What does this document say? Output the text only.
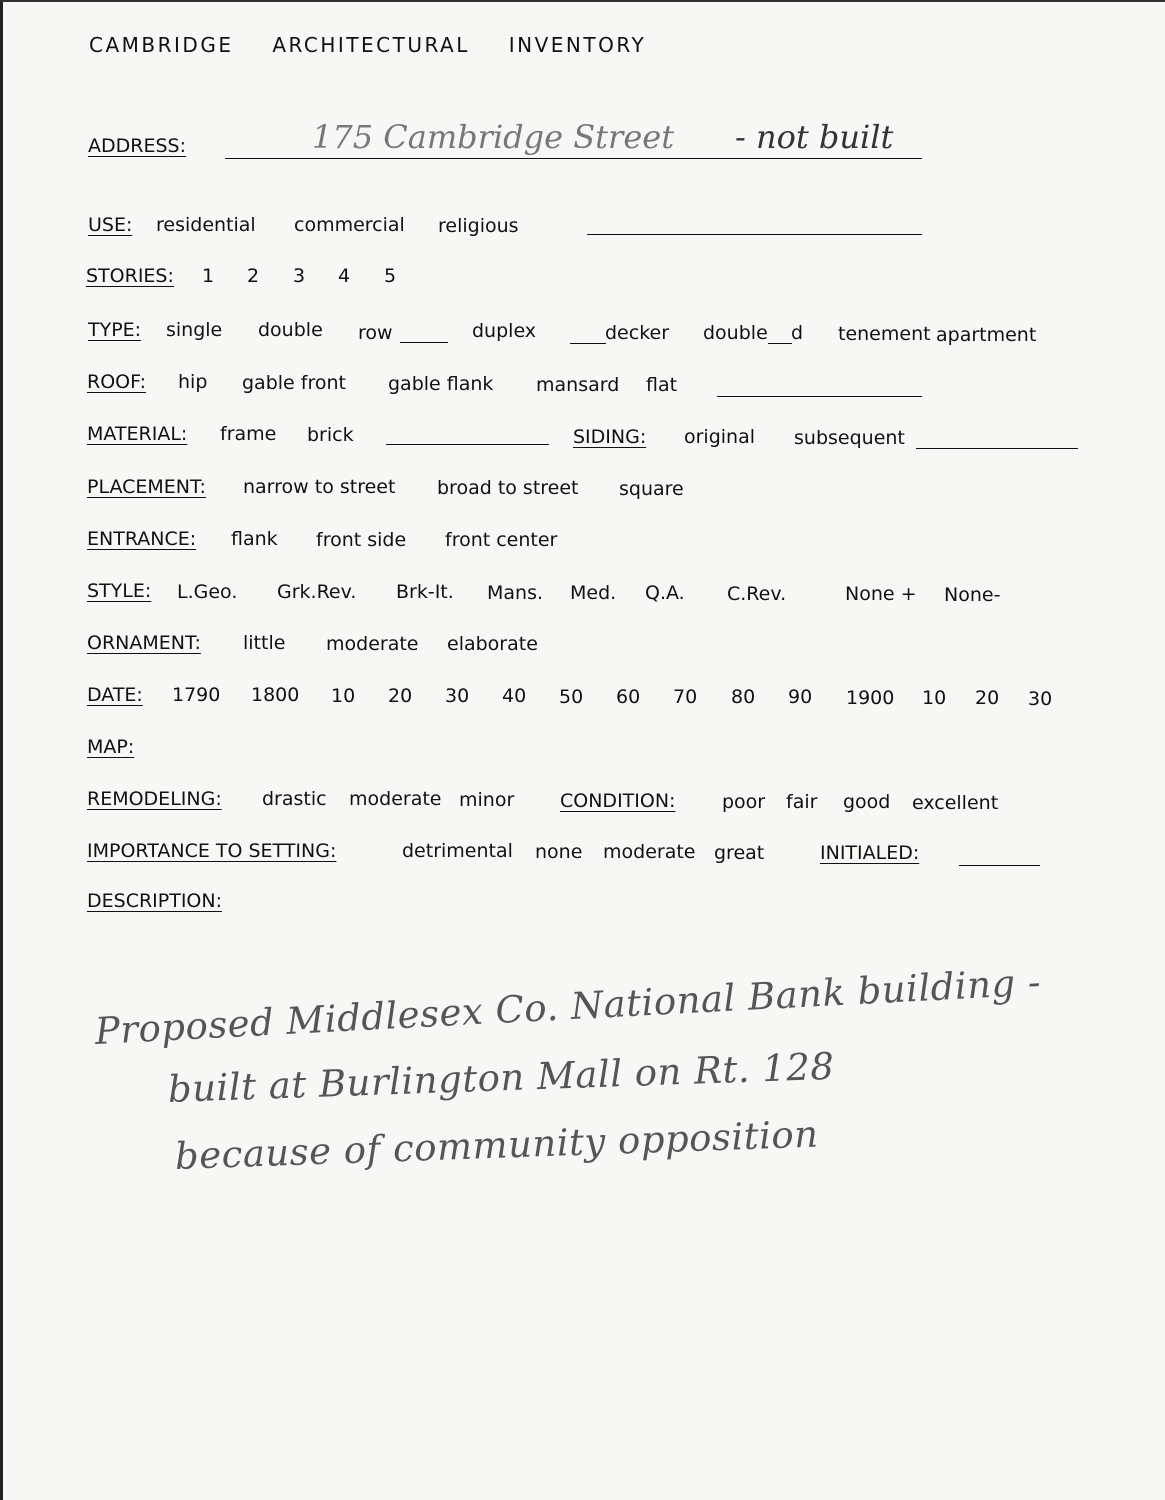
CAMBRIDGE ARCHITECTURAL INVENTORY
ADDRESS:	175 Cambridge Street - not built
USE: residential commercial religious
STORIES: 1 2 3 4 5
TYPE: single double row	duplex	decker double d tenement apartment
ROOF: hip gable front gable flank mansard flat
MATERIAL: frame brick	SIDING: original subsequent
PLACEMENT: narrow to street broad to street square
ENTRANCE: flank front side front center
STYLE: L.Geo. Grk.Rev. Brk-It. Mans. Med. Q.A. C.Rev.	None + None-
ORNAMENT: little moderate elaborate
DATE: 1790 1800 10 20 30 40 50 60 70 80 90 1900 10 20 30
MAP:
REMODELING: drastic moderate minor CONDITION: poor fair good excellent
IMPORTANCE TO SETTING:	detrimental none moderate great	INITIALED:
DESCRIPTION:
Proposed Middlesex Co. National Bank building -
built at Burlington Mall on Rt. 128
because of community opposition
